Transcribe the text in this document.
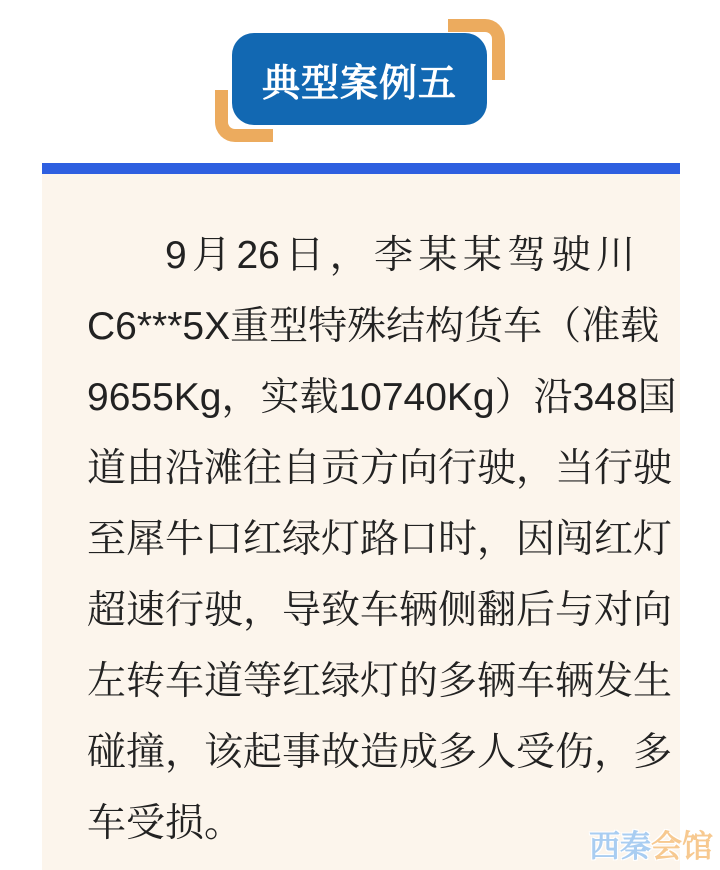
典型案例五
9月26日，李某某驾驶川
C6***5X重型特殊结构货车（准载
9655Kg，实载10740Kg）沿348国
道由沿滩往自贡方向行驶，当行驶
至犀牛口红绿灯路口时，因闯红灯
超速行驶，导致车辆侧翻后与对向
左转车道等红绿灯的多辆车辆发生
碰撞，该起事故造成多人受伤，多
车受损。
西秦会馆
